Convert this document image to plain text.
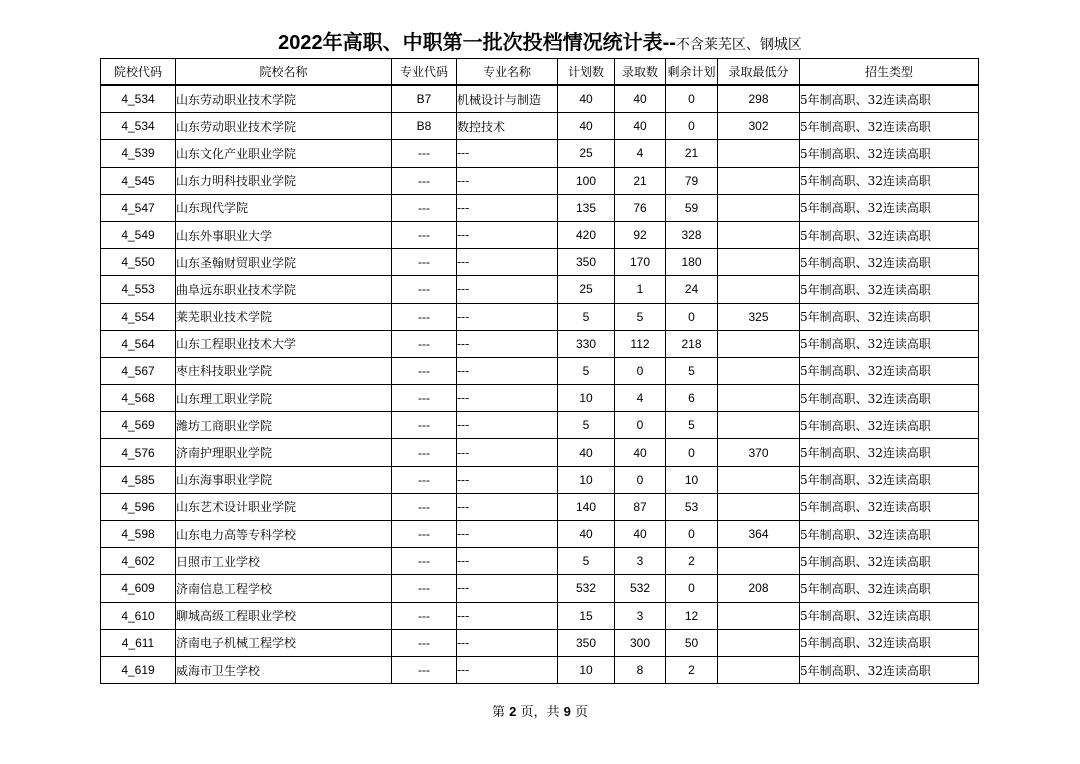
2022年高职、中职第一批次投档情况统计表--不含莱芜区、钢城区
院校代码	院校名称	专业代码	专业名称	计划数	录取数	剩余计划	录取最低分	招生类型
4_534	山东劳动职业技术学院	B7	机械设计与制造	40	40	0	298	5年制高职、32连读高职
4_534	山东劳动职业技术学院	B8	数控技术	40	40	0	302	5年制高职、32连读高职
4_539	山东文化产业职业学院	---	---	25	4	21		5年制高职、32连读高职
4_545	山东力明科技职业学院	---	---	100	21	79		5年制高职、32连读高职
4_547	山东现代学院	---	---	135	76	59		5年制高职、32连读高职
4_549	山东外事职业大学	---	---	420	92	328		5年制高职、32连读高职
4_550	山东圣翰财贸职业学院	---	---	350	170	180		5年制高职、32连读高职
4_553	曲阜远东职业技术学院	---	---	25	1	24		5年制高职、32连读高职
4_554	莱芜职业技术学院	---	---	5	5	0	325	5年制高职、32连读高职
4_564	山东工程职业技术大学	---	---	330	112	218		5年制高职、32连读高职
4_567	枣庄科技职业学院	---	---	5	0	5		5年制高职、32连读高职
4_568	山东理工职业学院	---	---	10	4	6		5年制高职、32连读高职
4_569	潍坊工商职业学院	---	---	5	0	5		5年制高职、32连读高职
4_576	济南护理职业学院	---	---	40	40	0	370	5年制高职、32连读高职
4_585	山东海事职业学院	---	---	10	0	10		5年制高职、32连读高职
4_596	山东艺术设计职业学院	---	---	140	87	53		5年制高职、32连读高职
4_598	山东电力高等专科学校	---	---	40	40	0	364	5年制高职、32连读高职
4_602	日照市工业学校	---	---	5	3	2		5年制高职、32连读高职
4_609	济南信息工程学校	---	---	532	532	0	208	5年制高职、32连读高职
4_610	聊城高级工程职业学校	---	---	15	3	12		5年制高职、32连读高职
4_611	济南电子机械工程学校	---	---	350	300	50		5年制高职、32连读高职
4_619	威海市卫生学校	---	---	10	8	2		5年制高职、32连读高职
第 2 页，共 9 页
